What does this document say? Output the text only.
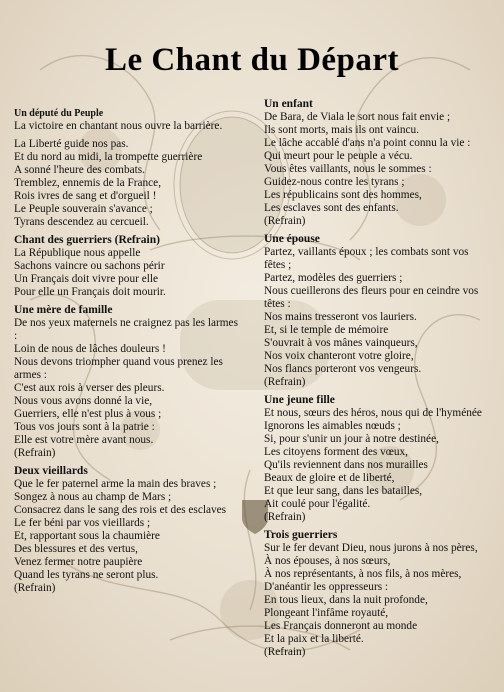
Le Chant du Départ
Un député du Peuple
La victoire en chantant nous ouvre la barrière.
La Liberté guide nos pas.
Et du nord au midi, la trompette guerrière
A sonné l'heure des combats.
Tremblez, ennemis de la France,
Rois ivres de sang et d'orgueil !
Le Peuple souverain s'avance ;
Tyrans descendez au cercueil.
Chant des guerriers (Refrain)
La République nous appelle
Sachons vaincre ou sachons périr
Un Français doit vivre pour elle
Pour elle un Français doit mourir.
Une mère de famille
De nos yeux maternels ne craignez pas les larmes
:
Loin de nous de lâches douleurs !
Nous devons triompher quand vous prenez les
armes :
C'est aux rois à verser des pleurs.
Nous vous avons donné la vie,
Guerriers, elle n'est plus à vous ;
Tous vos jours sont à la patrie :
Elle est votre mère avant nous.
(Refrain)
Deux vieillards
Que le fer paternel arme la main des braves ;
Songez à nous au champ de Mars ;
Consacrez dans le sang des rois et des esclaves
Le fer béni par vos vieillards ;
Et, rapportant sous la chaumière
Des blessures et des vertus,
Venez fermer notre paupière
Quand les tyrans ne seront plus.
(Refrain)
Un enfant
De Bara, de Viala le sort nous fait envie ;
Ils sont morts, mais ils ont vaincu.
Le lâche accablé d'ans n'a point connu la vie :
Qui meurt pour le peuple a vécu.
Vous êtes vaillants, nous le sommes :
Guidez-nous contre les tyrans ;
Les républicains sont des hommes,
Les esclaves sont des enfants.
(Refrain)
Une épouse
Partez, vaillants époux ; les combats sont vos
fêtes ;
Partez, modèles des guerriers ;
Nous cueillerons des fleurs pour en ceindre vos
têtes :
Nos mains tresseront vos lauriers.
Et, si le temple de mémoire
S'ouvrait à vos mânes vainqueurs,
Nos voix chanteront votre gloire,
Nos flancs porteront vos vengeurs.
(Refrain)
Une jeune fille
Et nous, sœurs des héros, nous qui de l'hyménée
Ignorons les aimables nœuds ;
Si, pour s'unir un jour à notre destinée,
Les citoyens forment des vœux,
Qu'ils reviennent dans nos murailles
Beaux de gloire et de liberté,
Et que leur sang, dans les batailles,
Ait coulé pour l'égalité.
(Refrain)
Trois guerriers
Sur le fer devant Dieu, nous jurons à nos pères,
À nos épouses, à nos sœurs,
À nos représentants, à nos fils, à nos mères,
D'anéantir les oppresseurs :
En tous lieux, dans la nuit profonde,
Plongeant l'infâme royauté,
Les Français donneront au monde
Et la paix et la liberté.
(Refrain)
